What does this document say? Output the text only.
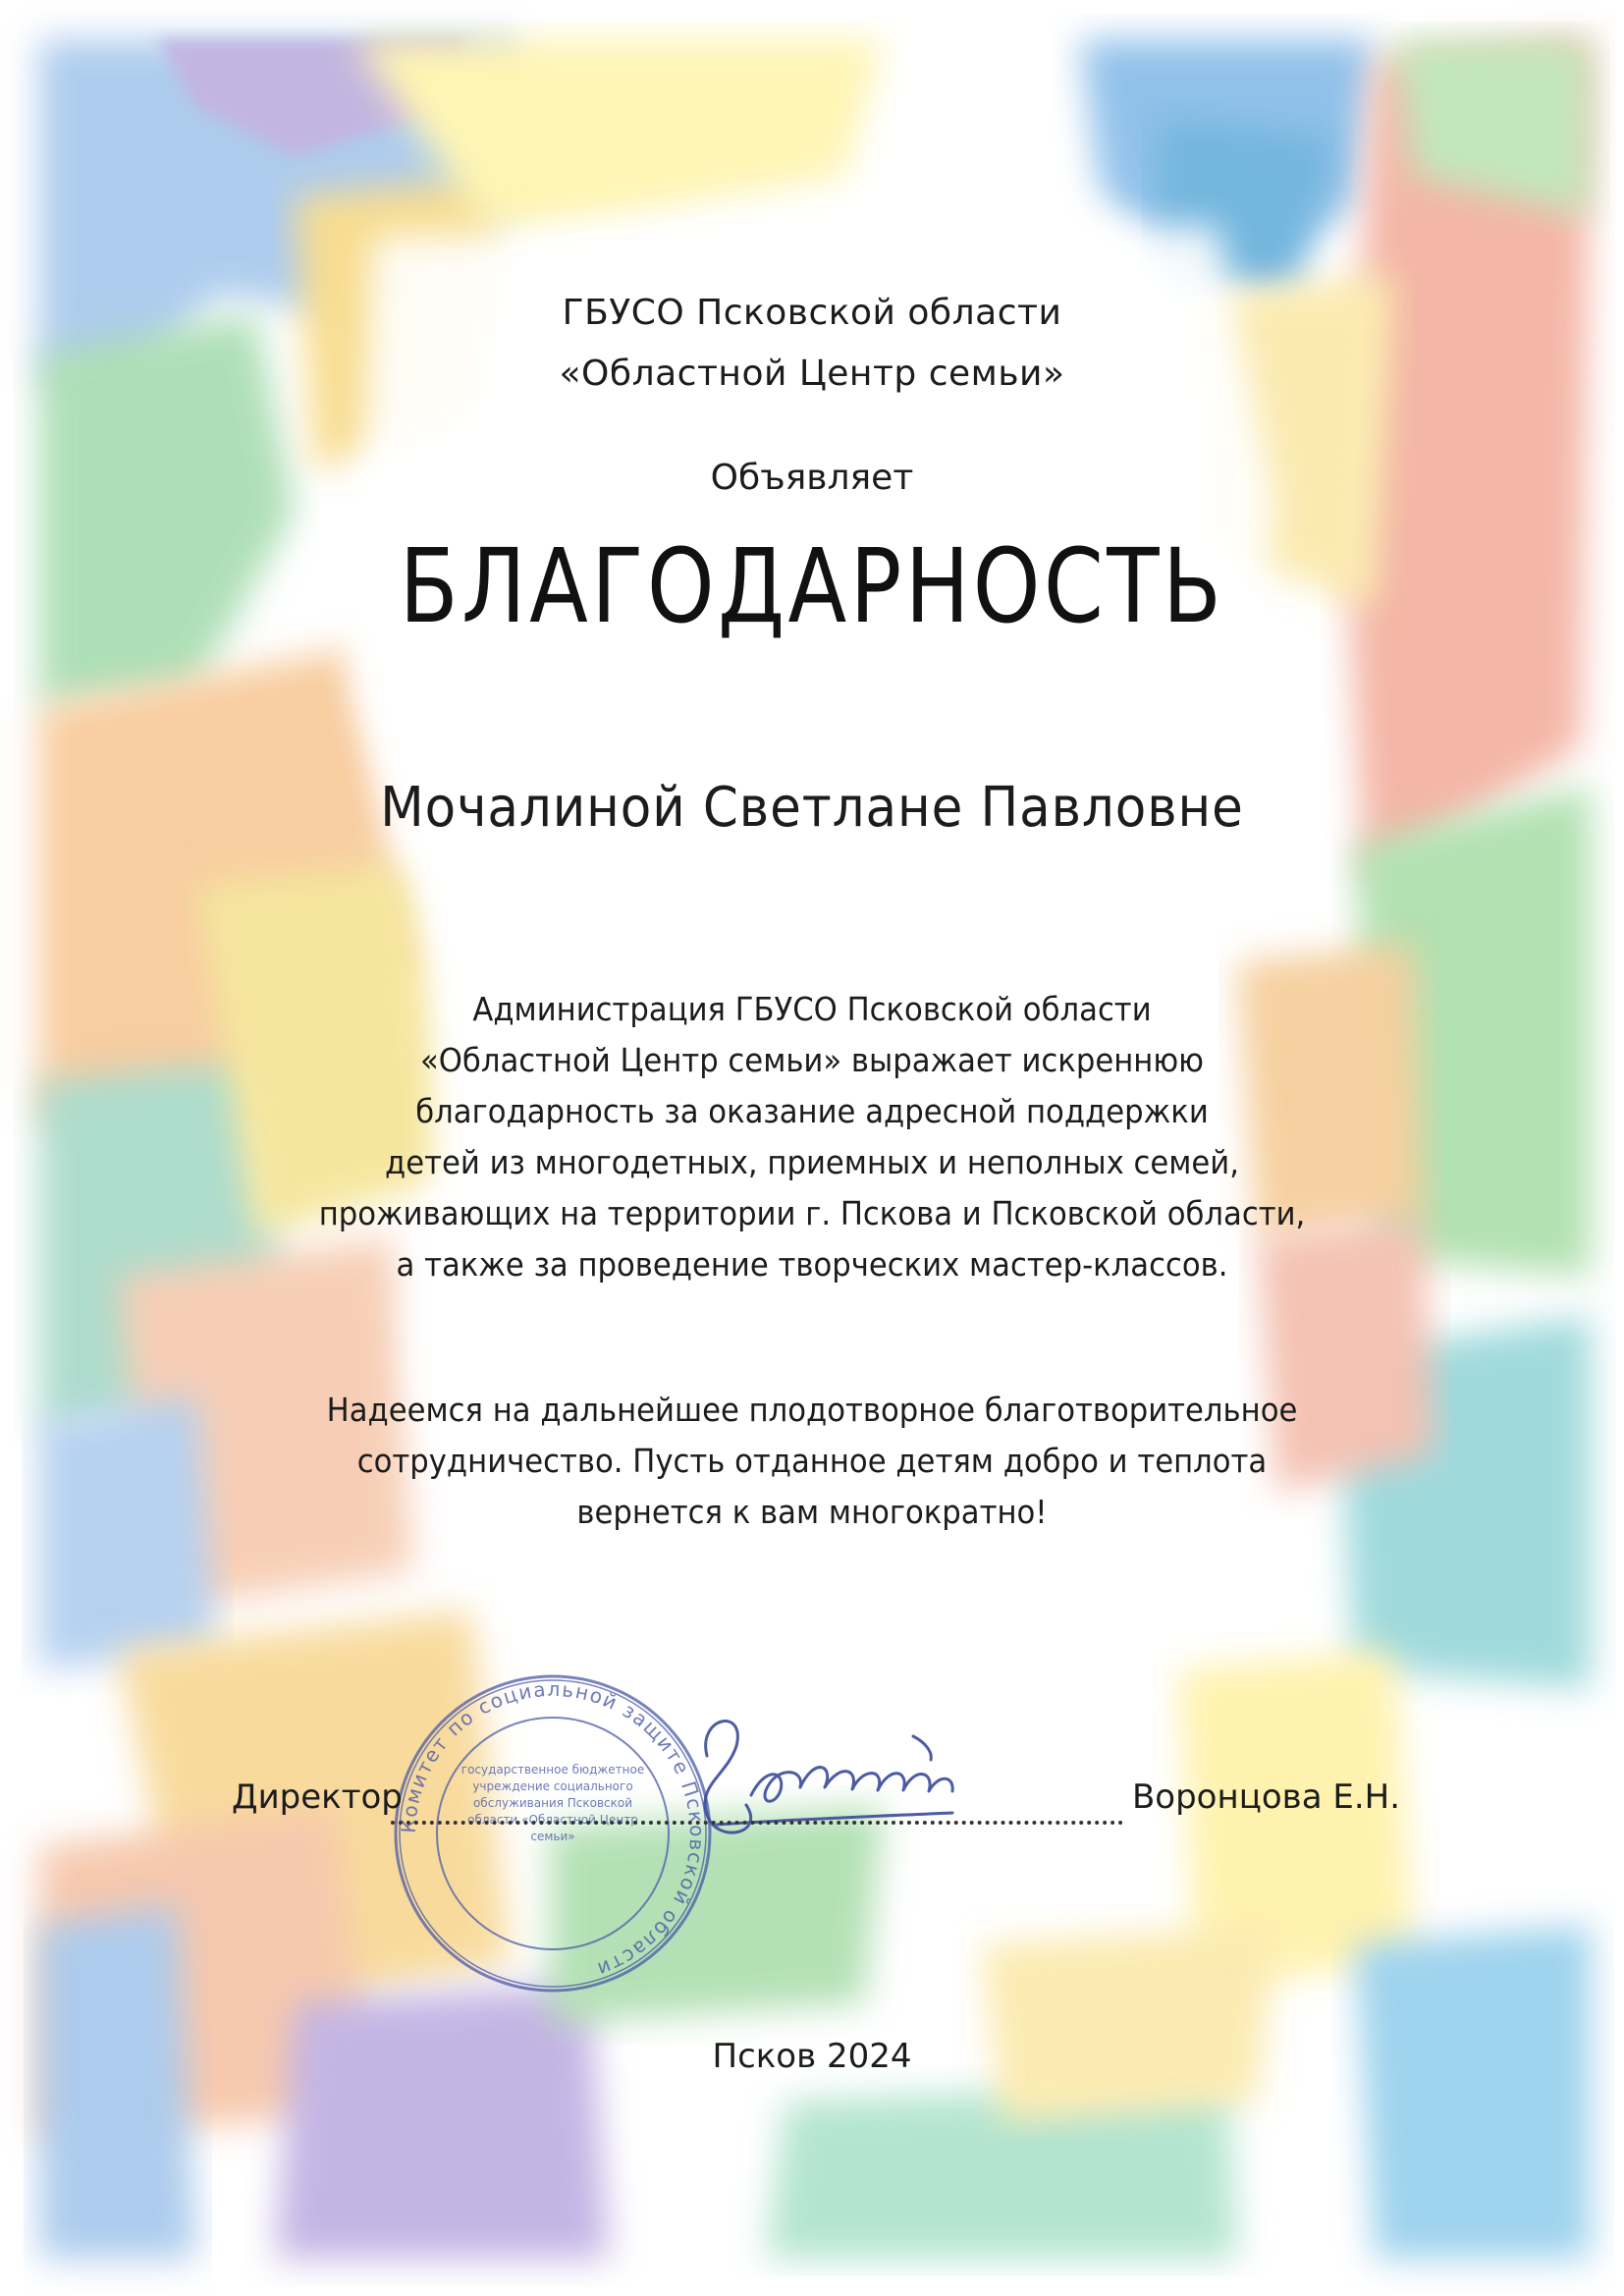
ГБУСО Псковской области
«Областной Центр семьи»
Объявляет
БЛАГОДАРНОСТЬ
Мочалиной Светлане Павловне
Администрация ГБУСО Псковской области
«Областной Центр семьи» выражает искреннюю
благодарность за оказание адресной поддержки
детей из многодетных, приемных и неполных семей,
проживающих на территории г. Пскова и Псковской области,
а также за проведение творческих мастер-классов.
Надеемся на дальнейшее плодотворное благотворительное
сотрудничество. Пусть отданное детям добро и теплота
вернется к вам многократно!
Комитет по социальной защите Псковской области
государственное бюджетное учреждение социального обслуживания Псковской области «Областной Центр семьи»
Директор	Воронцова Е.Н.
Псков 2024
